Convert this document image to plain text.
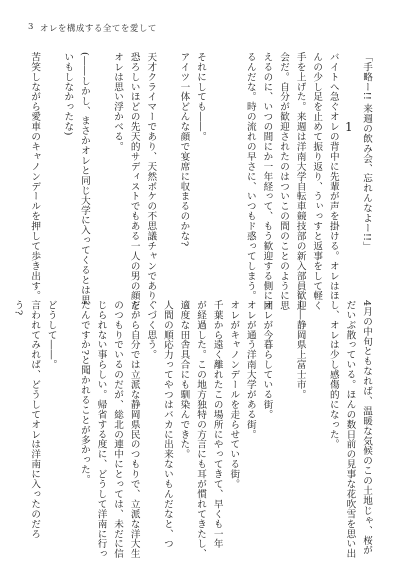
3 オレを構成する全てを愛して
1 「手略ー!! 来週の飲み会、忘れんなよー!!」

バイトへ急ぐオレの背中に先輩が声を掛ける。オレはほ
んの少し足を止めて振り返り、うぃっすと返事をして軽く
手を上げた。来週は洋南大学自転車競技部の新入部員歓迎
会だ。自分が歓迎されたのはついこの間のことのように思
えるのに、いつの間にか一年経って、もう歓迎する側に回
るんだな。時の流れの早さに、いつもド惑ってしまう。

それにしても――。
アイツ一体どんな顔で宴席に収まるのかな?

天才クライマーであり、天然ボケの不思議チャンであり、
恐ろしいほどの先天的サディストでもある一人の男の顔を、
オレは思い浮かべる。

(――しかし、まさかオレと同じ大学に入ってくるとは思
いもしなかったな)

苦笑しながら愛車のキャノンデールを押して歩き出す。
4月の中旬ともなれば、温暖な気候のこの土地じゃ、桜が
だいぶ散っている。ほんの数日前の見事な花吹雪を思い出
し、オレは少し感傷的になった。

――静岡県上富士市。

オレが今暮らしている街。
オレが通う洋南大学がある街。
オレがキャノンデールを走らせている街。
千葉から遠く離れたこの場所にやってきて、早くも一年
が経過した。この地方独特の方言にも耳が慣れてきたし、
適度な田舎具合にも馴染んできた。
人間の順応力ってやつはバカに出来ないもんだなと、つ
くづく思う。
だから自分では立派な静岡県民のつもりで、立派な洋大生
のつもりでいるのだが、総北の連中にとっては、未だに信
じられない事らしい。帰省する度に、どうして洋南に行っ
たんですか?と聞かれることが多かった。

どうして――。
言われてみれば、どうしてオレは洋南に入ったのだろ
う?
